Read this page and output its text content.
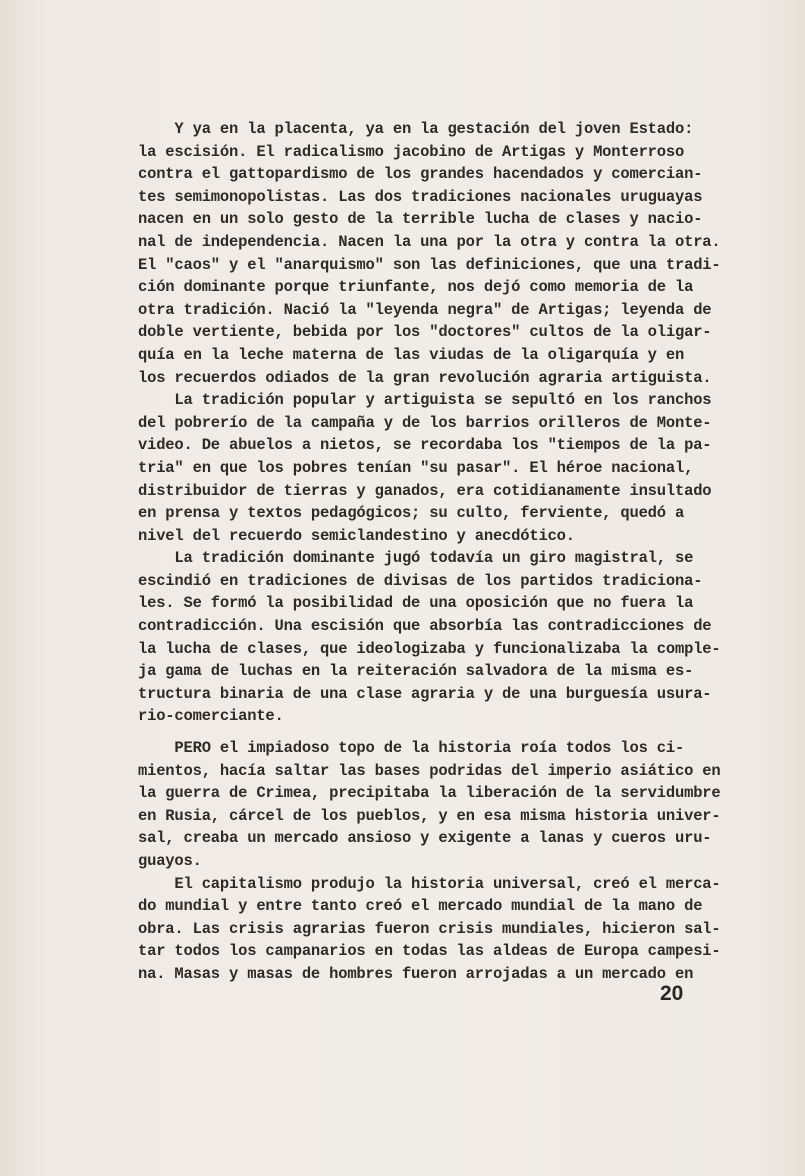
Y ya en la placenta, ya en la gestación del joven Estado:
la escisión. El radicalismo jacobino de Artigas y Monterroso
contra el gattopardismo de los grandes hacendados y comercian-
tes semimonopolistas. Las dos tradiciones nacionales uruguayas
nacen en un solo gesto de la terrible lucha de clases y nacio-
nal de independencia. Nacen la una por la otra y contra la otra.
El "caos" y el "anarquismo" son las definiciones, que una tradi-
ción dominante porque triunfante, nos dejó como memoria de la
otra tradición. Nació la "leyenda negra" de Artigas; leyenda de
doble vertiente, bebida por los "doctores" cultos de la oligar-
quía en la leche materna de las viudas de la oligarquía y en
los recuerdos odiados de la gran revolución agraria artiguista.
La tradición popular y artiguista se sepultó en los ranchos
del pobrerío de la campaña y de los barrios orilleros de Monte-
video. De abuelos a nietos, se recordaba los "tiempos de la pa-
tria" en que los pobres tenían "su pasar". El héroe nacional,
distribuidor de tierras y ganados, era cotidianamente insultado
en prensa y textos pedagógicos; su culto, ferviente, quedó a
nivel del recuerdo semiclandestino y anecdótico.
La tradición dominante jugó todavía un giro magistral, se
escindió en tradiciones de divisas de los partidos tradiciona-
les. Se formó la posibilidad de una oposición que no fuera la
contradicción. Una escisión que absorbía las contradicciones de
la lucha de clases, que ideologizaba y funcionalizaba la comple-
ja gama de luchas en la reiteración salvadora de la misma es-
tructura binaria de una clase agraria y de una burguesía usura-
rio-comerciante.
PERO el impiadoso topo de la historia roía todos los ci-
mientos, hacía saltar las bases podridas del imperio asiático en
la guerra de Crimea, precipitaba la liberación de la servidumbre
en Rusia, cárcel de los pueblos, y en esa misma historia univer-
sal, creaba un mercado ansioso y exigente a lanas y cueros uru-
guayos.
El capitalismo produjo la historia universal, creó el merca-
do mundial y entre tanto creó el mercado mundial de la mano de
obra. Las crisis agrarias fueron crisis mundiales, hicieron sal-
tar todos los campanarios en todas las aldeas de Europa campesi-
na. Masas y masas de hombres fueron arrojadas a un mercado en
20
